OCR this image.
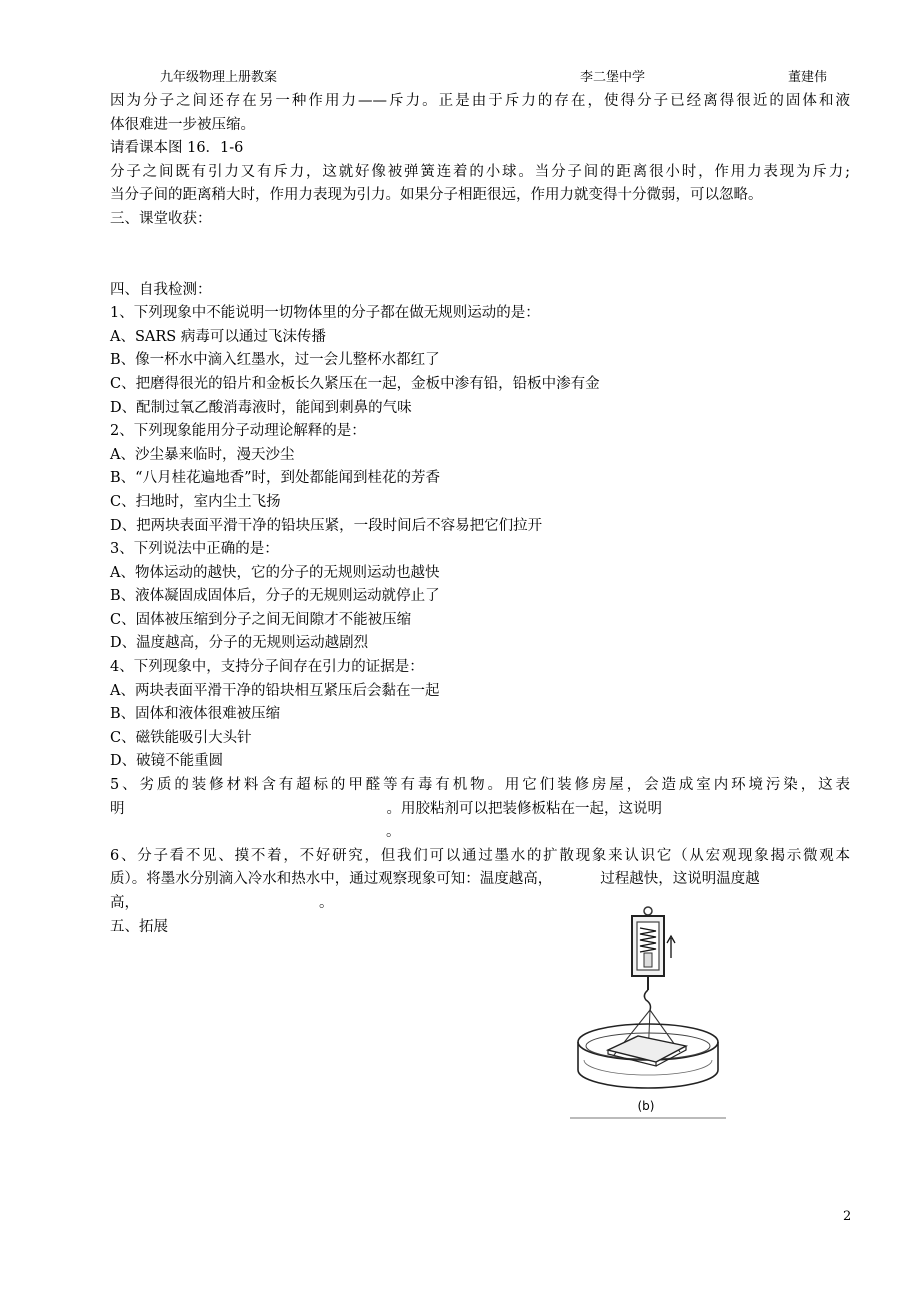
九年级物理上册教案	李二堡中学	董建伟
因为分子之间还存在另一种作用力——斥力。正是由于斥力的存在，使得分子已经离得很近的固体和液
体很难进一步被压缩。
请看课本图 16．1-6
分子之间既有引力又有斥力，这就好像被弹簧连着的小球。当分子间的距离很小时，作用力表现为斥力;
当分子间的距离稍大时，作用力表现为引力。如果分子相距很远，作用力就变得十分微弱，可以忽略。
三、课堂收获：
四、自我检测：
1、下列现象中不能说明一切物体里的分子都在做无规则运动的是：
A、SARS 病毒可以通过飞沫传播
B、像一杯水中滴入红墨水，过一会儿整杯水都红了
C、把磨得很光的铅片和金板长久紧压在一起，金板中渗有铅，铅板中渗有金
D、配制过氧乙酸消毒液时，能闻到刺鼻的气味
2、下列现象能用分子动理论解释的是：
A、沙尘暴来临时，漫天沙尘
B、“八月桂花遍地香”时，到处都能闻到桂花的芳香
C、扫地时，室内尘土飞扬
D、把两块表面平滑干净的铅块压紧，一段时间后不容易把它们拉开
3、下列说法中正确的是：
A、物体运动的越快，它的分子的无规则运动也越快
B、液体凝固成固体后，分子的无规则运动就停止了
C、固体被压缩到分子之间无间隙才不能被压缩
D、温度越高，分子的无规则运动越剧烈
4、下列现象中，支持分子间存在引力的证据是：
A、两块表面平滑干净的铅块相互紧压后会黏在一起
B、固体和液体很难被压缩
C、磁铁能吸引大头针
D、破镜不能重圆
5、劣质的装修材料含有超标的甲醛等有毒有机物。用它们装修房屋，会造成室内环境污染，这表
明	。用胶粘剂可以把装修板粘在一起，这说明
。
6、分子看不见、摸不着，不好研究，但我们可以通过墨水的扩散现象来认识它（从宏观现象揭示微观本
质）。将墨水分别滴入冷水和热水中，通过观察现象可知：温度越高，	过程越快，这说明温度越
高，	。
五、拓展
(b)
2
